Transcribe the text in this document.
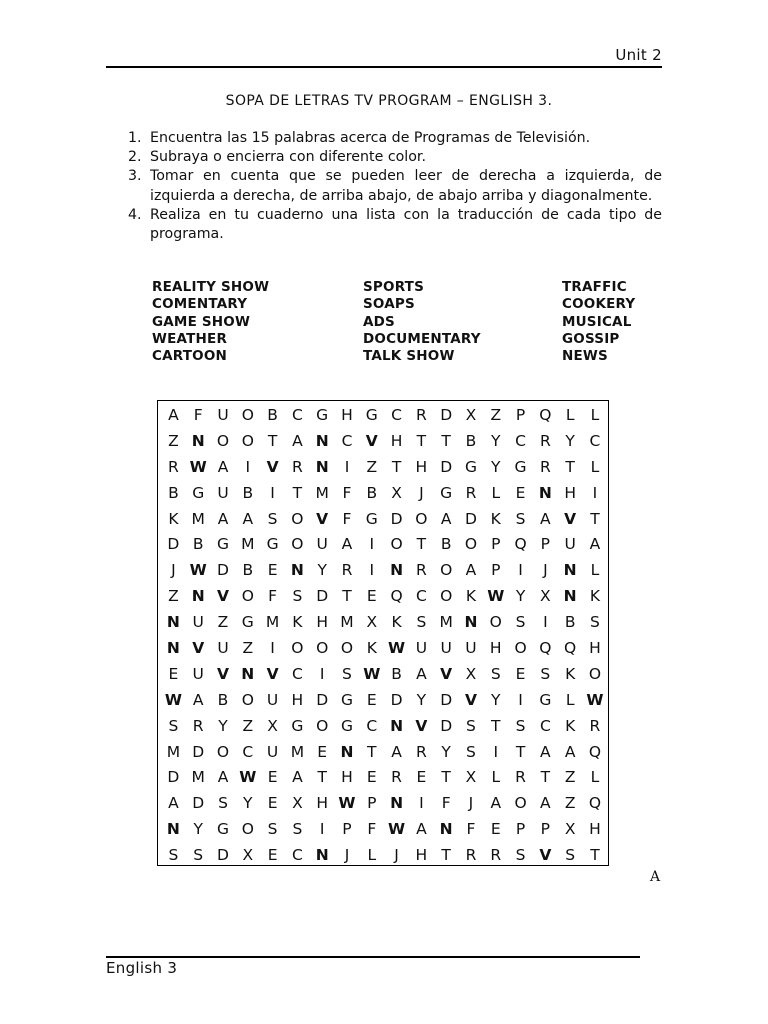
Unit 2
SOPA DE LETRAS TV PROGRAM – ENGLISH 3.
1. Encuentra las 15 palabras acerca de Programas de Televisión.
2. Subraya o encierra con diferente color.
3. Tomar en cuenta que se pueden leer de derecha a izquierda, de izquierda a derecha, de arriba abajo, de abajo arriba y diagonalmente.
4. Realiza en tu cuaderno una lista con la traducción de cada tipo de programa.
REALITY SHOW
COMENTARY
GAME SHOW
WEATHER
CARTOON
SPORTS
SOAPS
ADS
DOCUMENTARY
TALK SHOW
TRAFFIC
COOKERY
MUSICAL
GOSSIP
NEWS
A F U O B C G H G C R D X Z P Q L	L
Z N O O T A N C V H T T B Y C R Y C
R W A	I	V R N	I	Z T H D G Y G R T	L
B G U B	I	T M F B X	J	G R L	E N H	I
K M A A S O V F G D O A D K S A V T
D B G M G O U A	I	O T B O P Q P U A
J W D B E N Y R	I	N R O A P	I	J	N L
Z N V O F S D T E Q C O K W Y X N K
N U Z G M K H M X K S M N O S	I	B S
N V U Z	I	O O O K W U U U H O Q Q H
E U V N V C	I	S W B A V X S E S K O
W A B O U H D G E D Y D V Y	I	G L W
S R Y Z X G O G C N V D S T S C K R
M D O C U M E N T A R Y S	I	T A A Q
D M A W E A T H E R E T X L R T Z L
A D S Y E X H W P N	I	F	J	A O A Z Q
N Y G O S S	I	P	F W A N F E P P X H
S S D X E C N	J	L	J	H T R R S V S T
A
English 3
